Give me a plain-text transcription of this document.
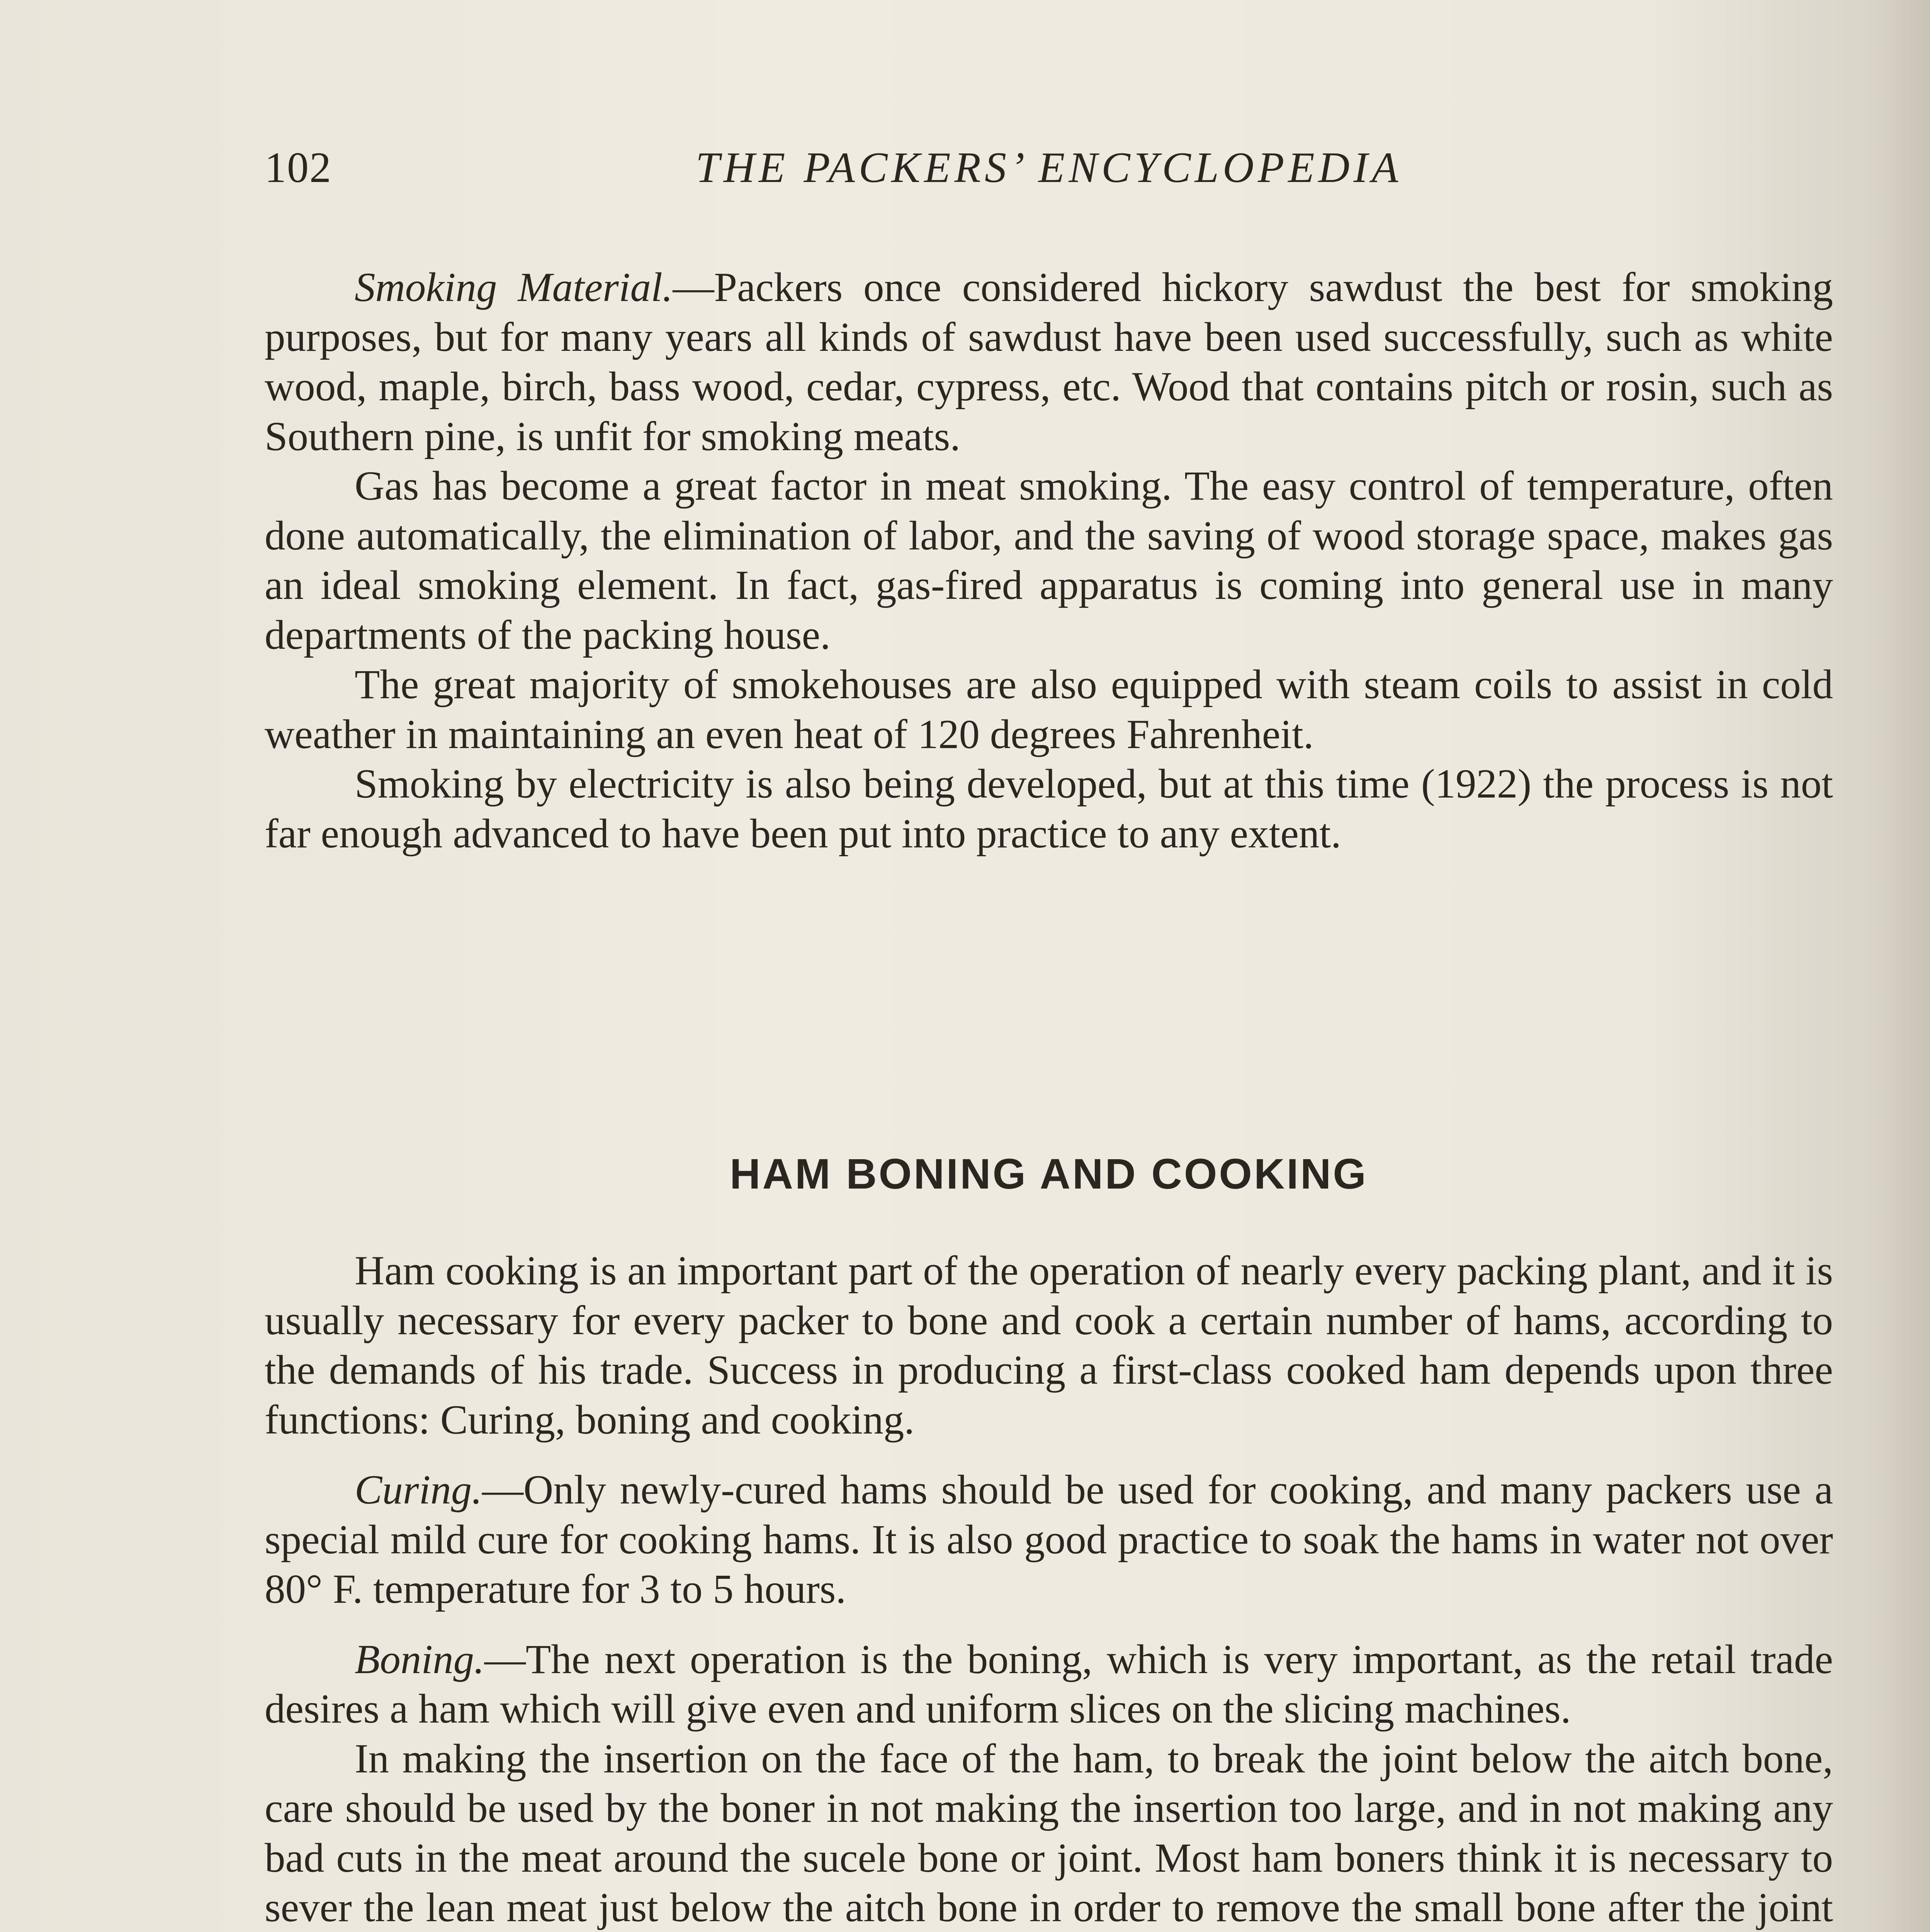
102	THE PACKERS’ ENCYCLOPEDIA

Smoking Material.—Packers once considered hickory sawdust the best for smoking purposes, but for many years all kinds of sawdust have been used successfully, such as white wood, maple, birch, bass wood, cedar, cypress, etc. Wood that contains pitch or rosin, such as Southern pine, is unfit for smoking meats.

Gas has become a great factor in meat smoking. The easy control of temperature, often done automatically, the elimination of labor, and the saving of wood storage space, makes gas an ideal smoking element. In fact, gas-fired apparatus is coming into general use in many departments of the packing house.

The great majority of smokehouses are also equipped with steam coils to assist in cold weather in maintaining an even heat of 120 degrees Fahrenheit.

Smoking by electricity is also being developed, but at this time (1922) the process is not far enough advanced to have been put into practice to any extent.

HAM BONING AND COOKING

Ham cooking is an important part of the operation of nearly every packing plant, and it is usually necessary for every packer to bone and cook a certain number of hams, according to the demands of his trade. Success in producing a first-class cooked ham depends upon three functions: Curing, boning and cooking.

Curing.—Only newly-cured hams should be used for cooking, and many packers use a special mild cure for cooking hams. It is also good practice to soak the hams in water not over 80° F. temperature for 3 to 5 hours.

Boning.—The next operation is the boning, which is very important, as the retail trade desires a ham which will give even and uniform slices on the slicing machines.

In making the insertion on the face of the ham, to break the joint below the aitch bone, care should be used by the boner in not making the insertion too large, and in not making any bad cuts in the meat around the sucele bone or joint. Most ham boners think it is necessary to sever the lean meat just below the aitch bone in order to remove the small bone after the joint
